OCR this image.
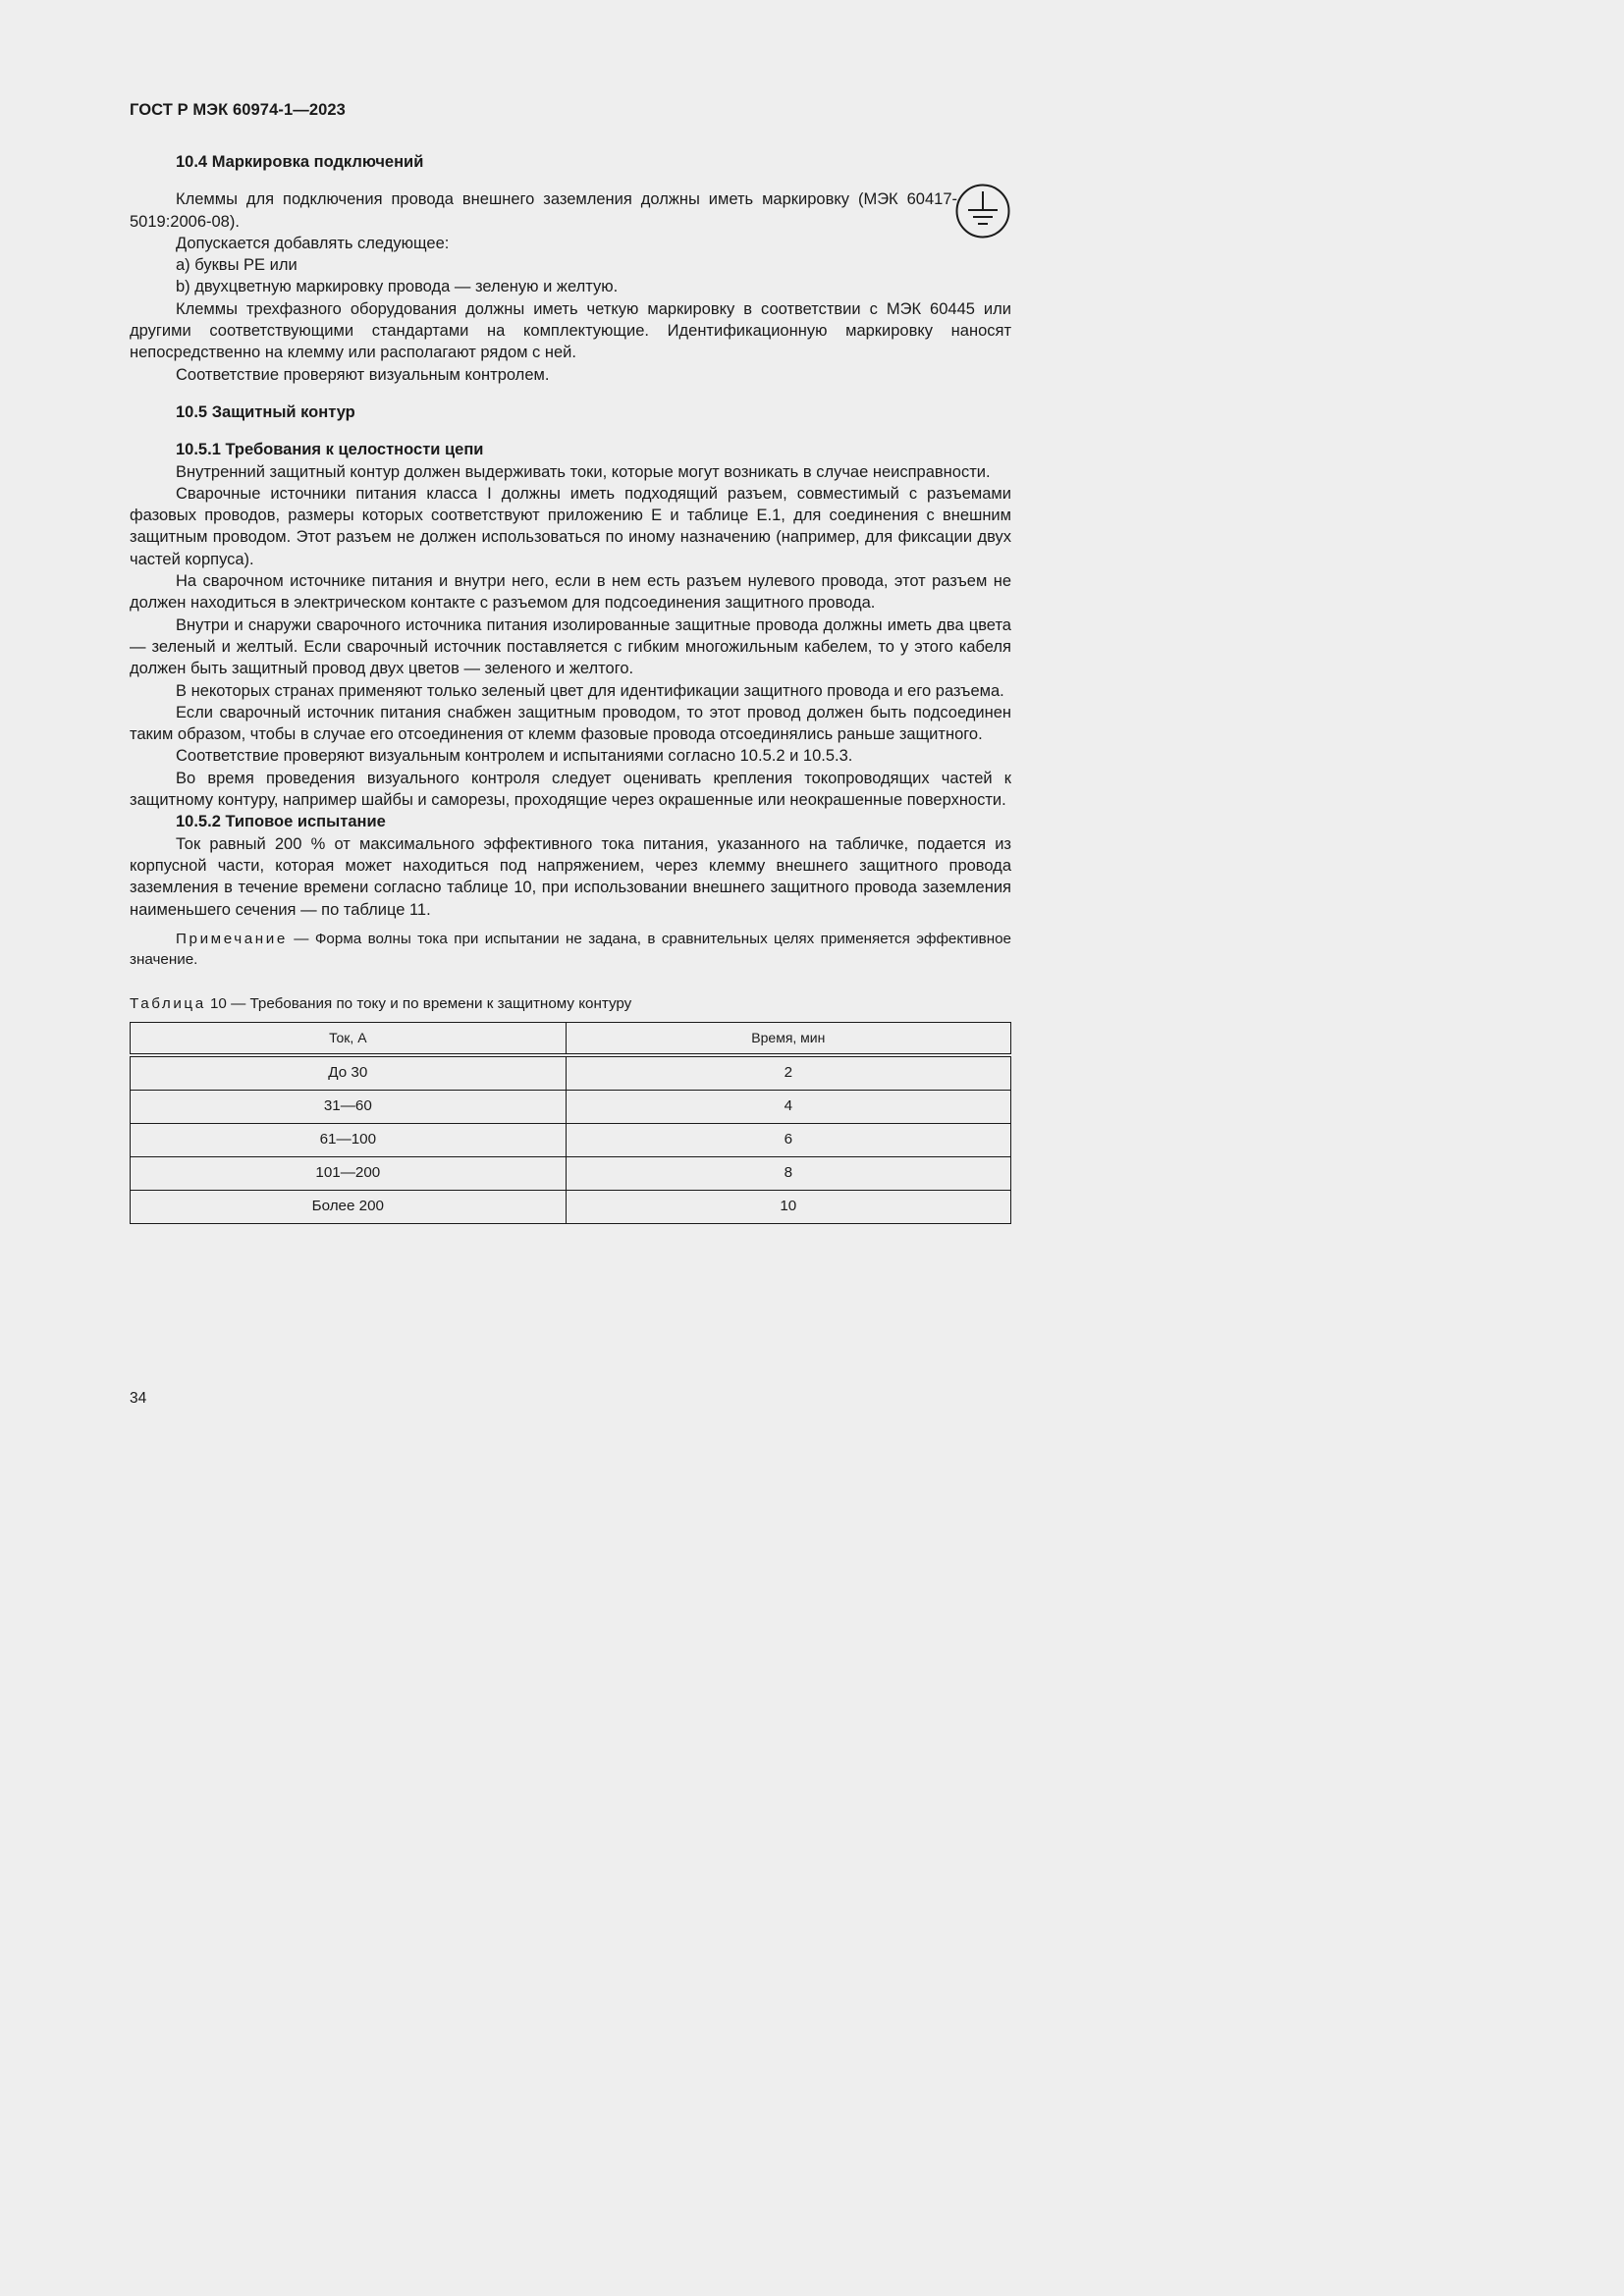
ГОСТ Р МЭК 60974-1—2023

10.4 Маркировка подключений

Клеммы для подключения провода внешнего заземления должны иметь маркировку (МЭК 60417-5019:2006-08).

Допускается добавлять следующее:

a) буквы PE или

b) двухцветную маркировку провода — зеленую и желтую.

Клеммы трехфазного оборудования должны иметь четкую маркировку в соответствии с МЭК 60445 или другими соответствующими стандартами на комплектующие. Идентификационную маркировку наносят непосредственно на клемму или располагают рядом с ней.

Соответствие проверяют визуальным контролем.

10.5 Защитный контур

10.5.1 Требования к целостности цепи

Внутренний защитный контур должен выдерживать токи, которые могут возникать в случае неисправности.

Сварочные источники питания класса I должны иметь подходящий разъем, совместимый с разъемами фазовых проводов, размеры которых соответствуют приложению E и таблице E.1, для соединения с внешним защитным проводом. Этот разъем не должен использоваться по иному назначению (например, для фиксации двух частей корпуса).

На сварочном источнике питания и внутри него, если в нем есть разъем нулевого провода, этот разъем не должен находиться в электрическом контакте с разъемом для подсоединения защитного провода.

Внутри и снаружи сварочного источника питания изолированные защитные провода должны иметь два цвета — зеленый и желтый. Если сварочный источник поставляется с гибким многожильным кабелем, то у этого кабеля должен быть защитный провод двух цветов — зеленого и желтого.

В некоторых странах применяют только зеленый цвет для идентификации защитного провода и его разъема.

Если сварочный источник питания снабжен защитным проводом, то этот провод должен быть подсоединен таким образом, чтобы в случае его отсоединения от клемм фазовые провода отсоединялись раньше защитного.

Соответствие проверяют визуальным контролем и испытаниями согласно 10.5.2 и 10.5.3.

Во время проведения визуального контроля следует оценивать крепления токопроводящих частей к защитному контуру, например шайбы и саморезы, проходящие через окрашенные или неокрашенные поверхности.

10.5.2 Типовое испытание

Ток равный 200 % от максимального эффективного тока питания, указанного на табличке, подается из корпусной части, которая может находиться под напряжением, через клемму внешнего защитного провода заземления в течение времени согласно таблице 10, при использовании внешнего защитного провода заземления наименьшего сечения — по таблице 11.

Примечание — Форма волны тока при испытании не задана, в сравнительных целях применяется эффективное значение.

Таблица 10 — Требования по току и по времени к защитному контуру
Ток, А	Время, мин
До 30	2
31—60	4
61—100	6
101—200	8
Более 200	10
34
